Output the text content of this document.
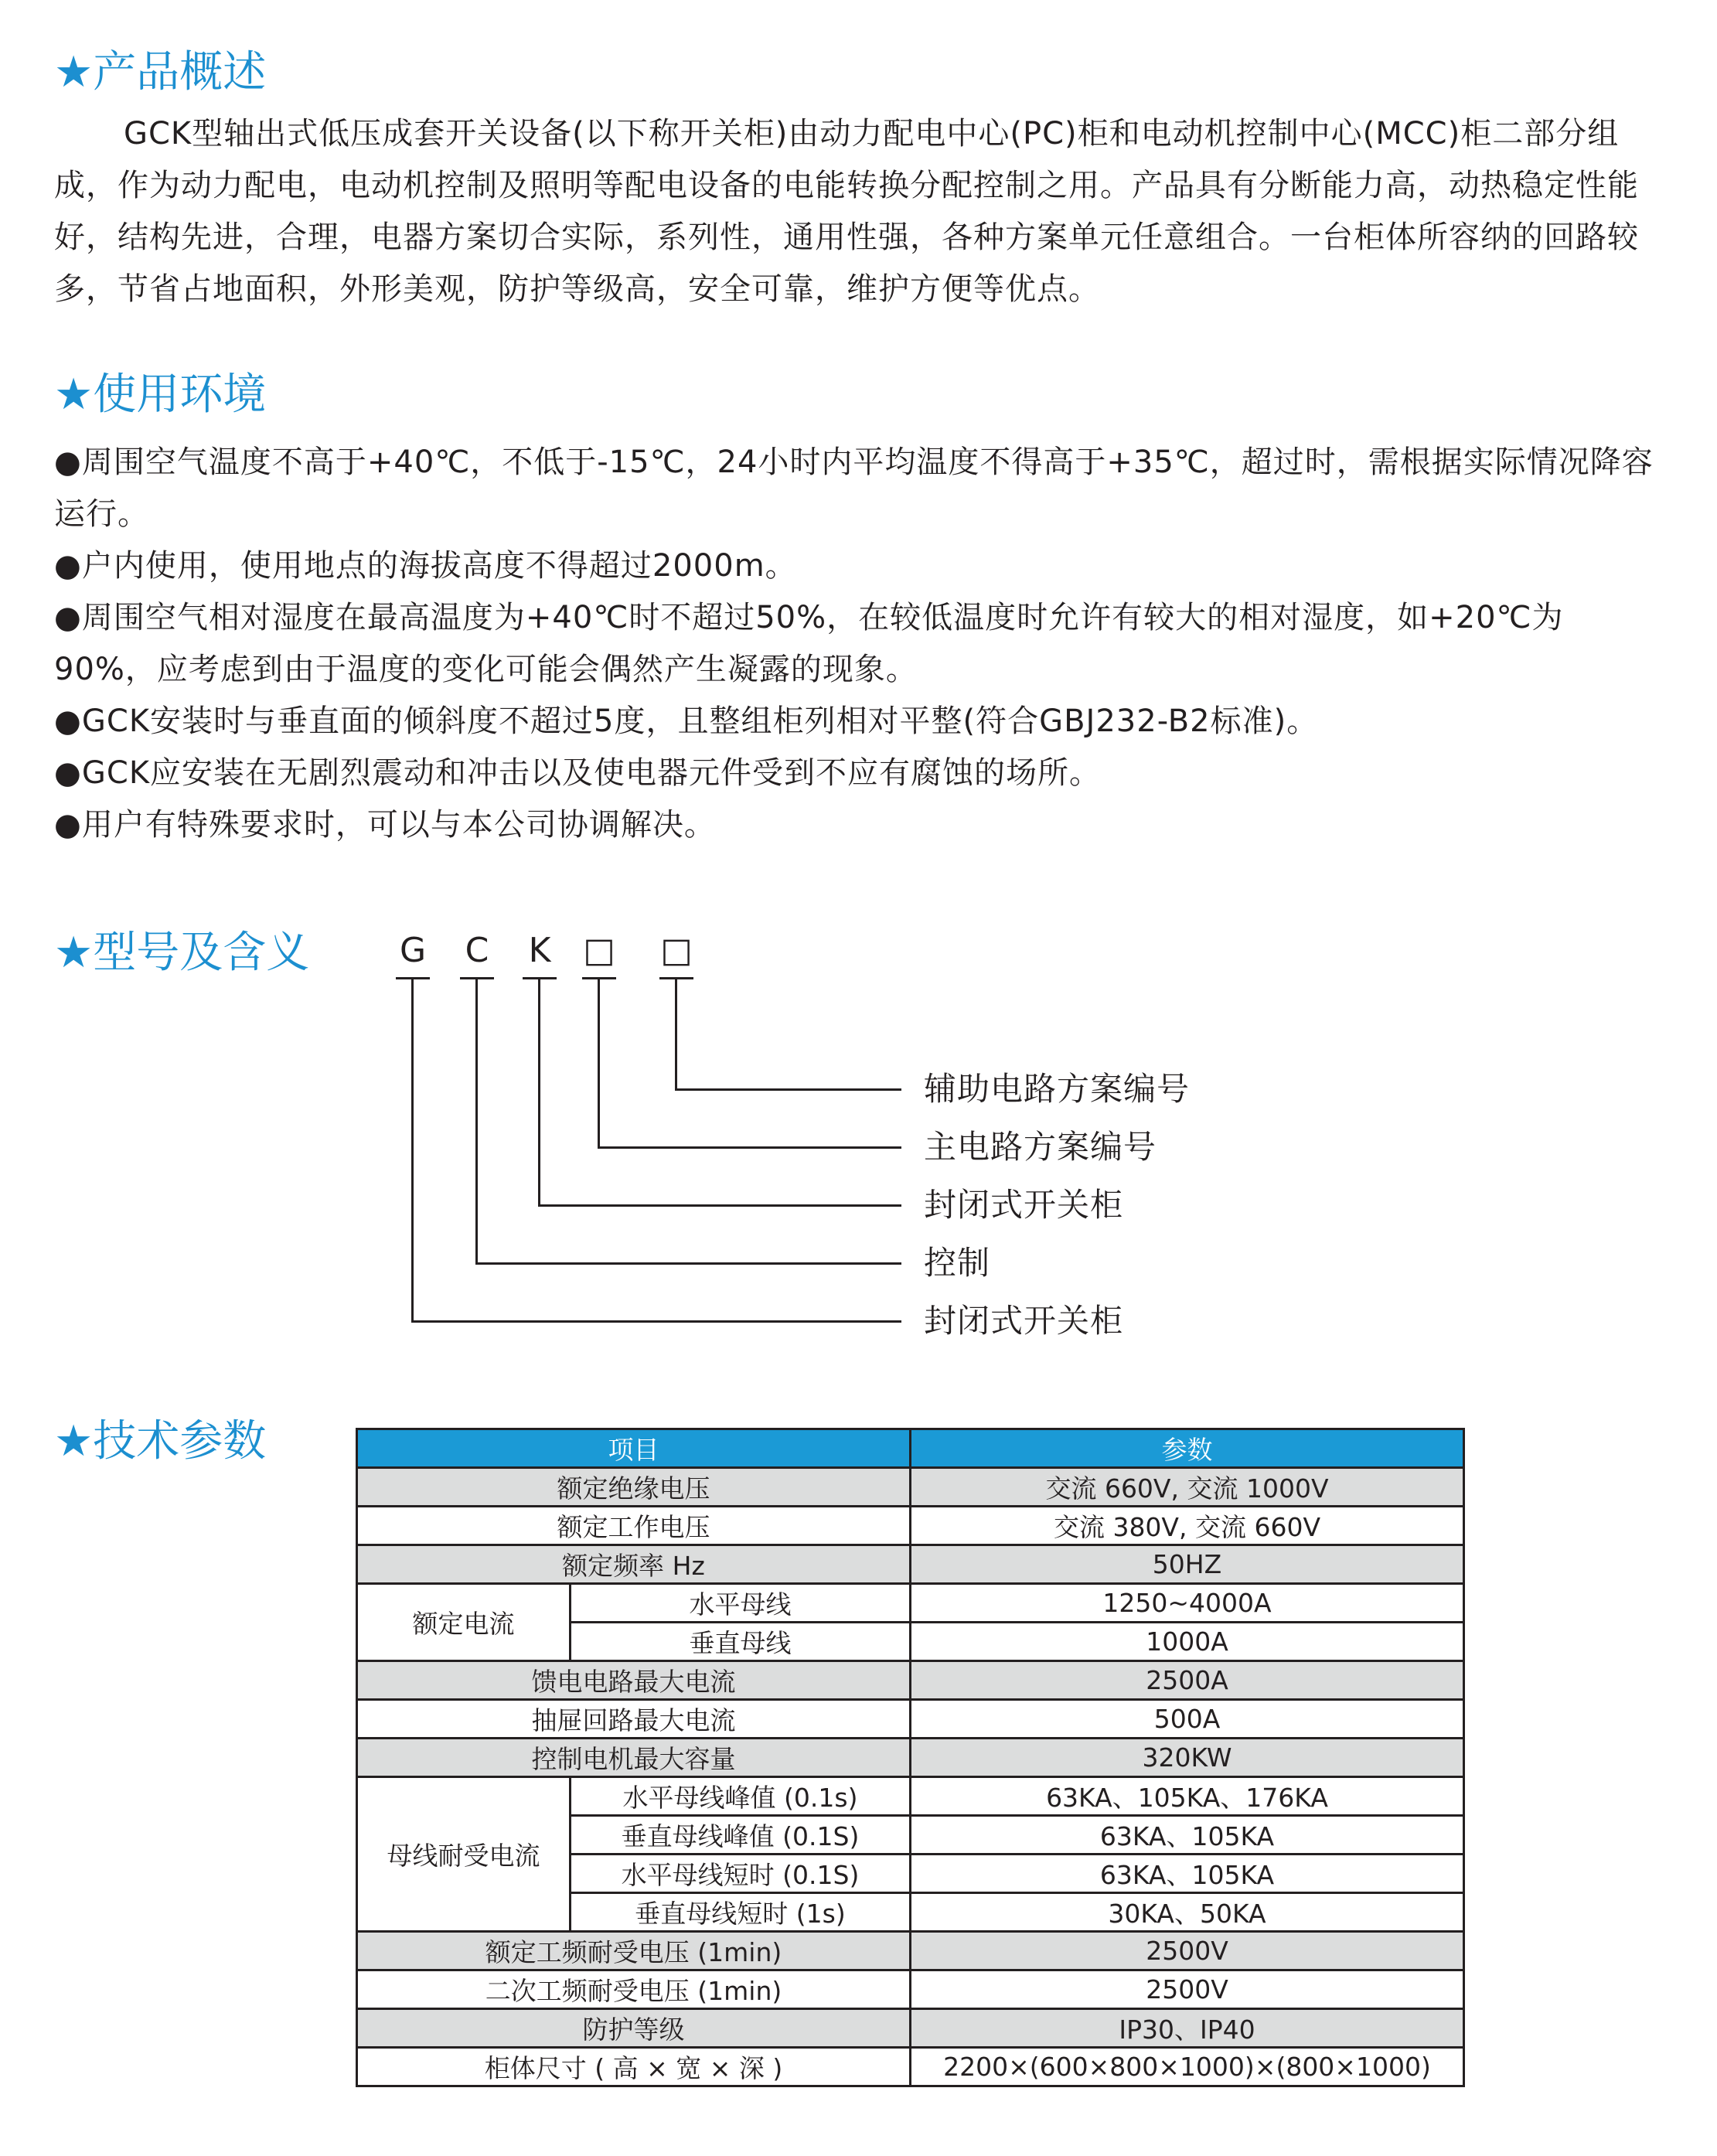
★产品概述

GCK型轴出式低压成套开关设备(以下称开关柜)由动力配电中心(PC)柜和电动机控制中心(MCC)柜二部分组成，作为动力配电，电动机控制及照明等配电设备的电能转换分配控制之用。产品具有分断能力高，动热稳定性能好，结构先进，合理，电器方案切合实际，系列性，通用性强，各种方案单元任意组合。一台柜体所容纳的回路较多，节省占地面积，外形美观，防护等级高，安全可靠，维护方便等优点。

★使用环境

●周围空气温度不高于+40℃，不低于-15℃，24小时内平均温度不得高于+35℃，超过时，需根据实际情况降容运行。

●户内使用，使用地点的海拔高度不得超过2000m。

●周围空气相对湿度在最高温度为+40℃时不超过50%，在较低温度时允许有较大的相对湿度，如+20℃为90%，应考虑到由于温度的变化可能会偶然产生凝露的现象。

●GCK安装时与垂直面的倾斜度不超过5度，且整组柜列相对平整(符合GBJ232-B2标准)。

●GCK应安装在无剧烈震动和冲击以及使电器元件受到不应有腐蚀的场所。

●用户有特殊要求时，可以与本公司协调解决。

★型号及含义	G C K □ □
辅助电路方案编号
主电路方案编号
封闭式开关柜
控制
封闭式开关柜
★技术参数	项目		参数
额定绝缘电压		交流 660V, 交流 1000V
额定工作电压		交流 380V, 交流 660V
额定频率 Hz		50HZ
额定电流	水平母线	1250~4000A
	垂直母线	1000A
馈电电路最大电流		2500A
抽屉回路最大电流		500A
控制电机最大容量		320KW
母线耐受电流	水平母线峰值 (0.1s)	63KA、105KA、176KA
	垂直母线峰值 (0.1S)	63KA、105KA
	水平母线短时 (0.1S)	63KA、105KA
	垂直母线短时 (1s)	30KA、50KA
额定工频耐受电压 (1min)		2500V
二次工频耐受电压 (1min)		2500V
防护等级		IP30、IP40
柜体尺寸 ( 高 × 宽 × 深 )		2200×(600×800×1000)×(800×1000)
